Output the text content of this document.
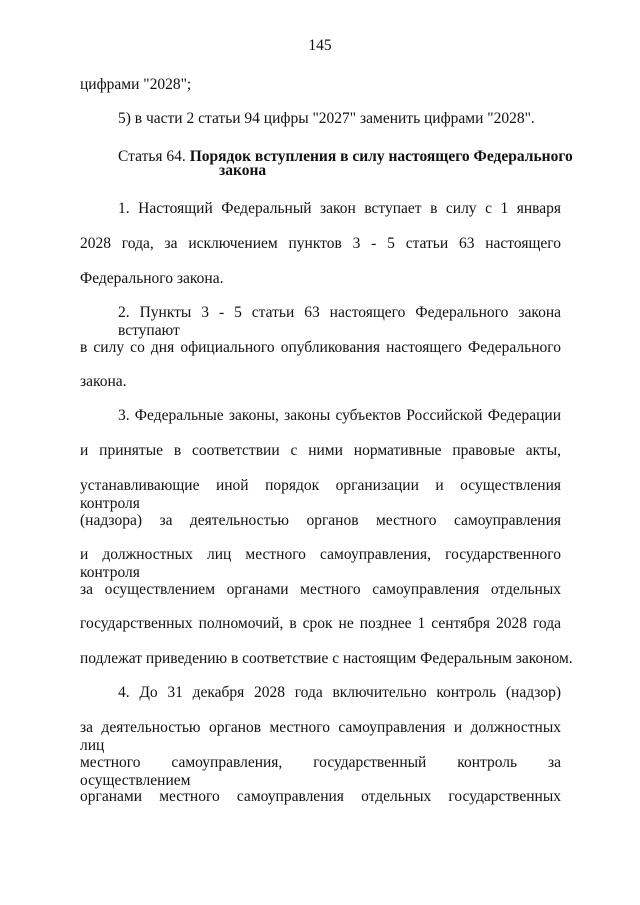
145
цифрами "2028";
5) в части 2 статьи 94 цифры "2027" заменить цифрами "2028".
Статья 64. Порядок вступления в силу настоящего Федерального
закона
1. Настоящий Федеральный закон вступает в силу с 1 января
2028 года, за исключением пунктов 3 - 5 статьи 63 настоящего
Федерального закона.
2. Пункты 3 - 5 статьи 63 настоящего Федерального закона вступают
в силу со дня официального опубликования настоящего Федерального
закона.
3. Федеральные законы, законы субъектов Российской Федерации
и принятые в соответствии с ними нормативные правовые акты,
устанавливающие иной порядок организации и осуществления контроля
(надзора) за деятельностью органов местного самоуправления
и должностных лиц местного самоуправления, государственного контроля
за осуществлением органами местного самоуправления отдельных
государственных полномочий, в срок не позднее 1 сентября 2028 года
подлежат приведению в соответствие с настоящим Федеральным законом.
4. До 31 декабря 2028 года включительно контроль (надзор)
за деятельностью органов местного самоуправления и должностных лиц
местного самоуправления, государственный контроль за осуществлением
органами местного самоуправления отдельных государственных
